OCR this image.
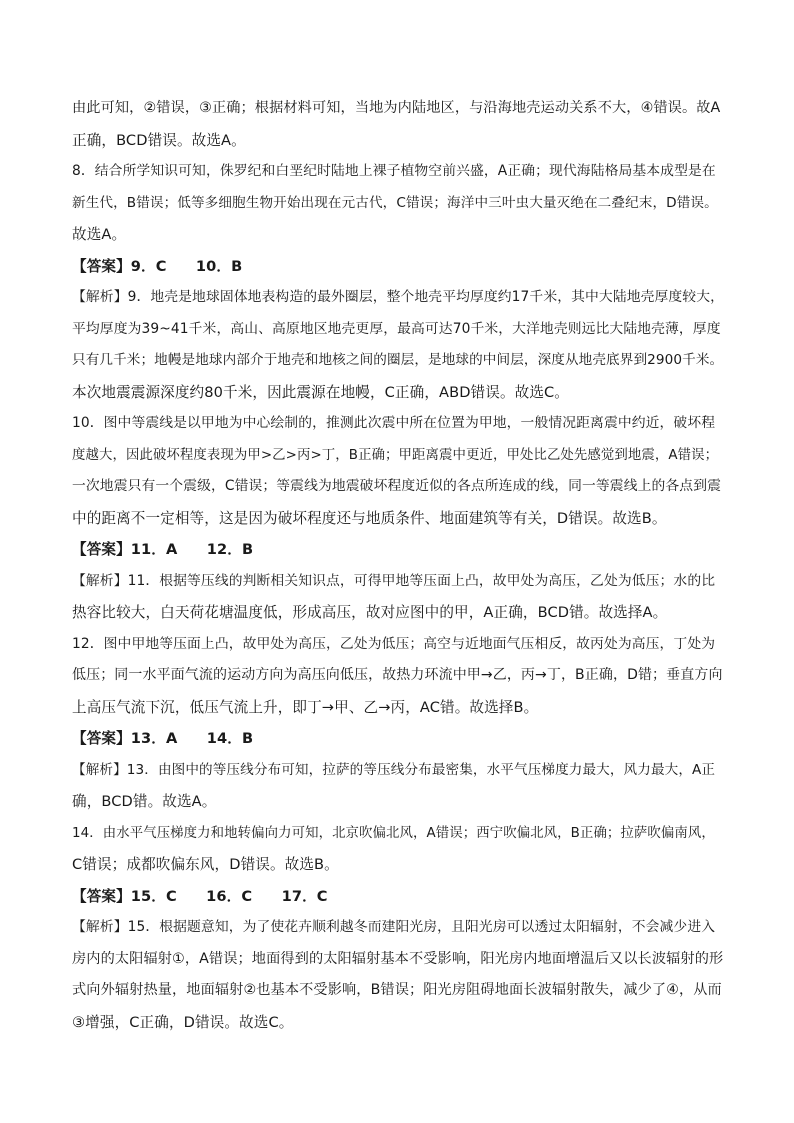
由此可知，②错误，③正确；根据材料可知，当地为内陆地区，与沿海地壳运动关系不大，④错误。故A
正确，BCD错误。故选A。
8．结合所学知识可知，侏罗纪和白垩纪时陆地上裸子植物空前兴盛，A正确；现代海陆格局基本成型是在
新生代，B错误；低等多细胞生物开始出现在元古代，C错误；海洋中三叶虫大量灭绝在二叠纪末，D错误。
故选A。
【答案】9．C　　10．B
【解析】9．地壳是地球固体地表构造的最外圈层，整个地壳平均厚度约17千米，其中大陆地壳厚度较大，
平均厚度为39~41千米，高山、高原地区地壳更厚，最高可达70千米，大洋地壳则远比大陆地壳薄，厚度
只有几千米；地幔是地球内部介于地壳和地核之间的圈层，是地球的中间层，深度从地壳底界到2900千米。
本次地震震源深度约80千米，因此震源在地幔，C正确，ABD错误。故选C。
10．图中等震线是以甲地为中心绘制的，推测此次震中所在位置为甲地，一般情况距离震中约近，破坏程
度越大，因此破坏程度表现为甲>乙>丙>丁，B正确；甲距离震中更近，甲处比乙处先感觉到地震，A错误；
一次地震只有一个震级，C错误；等震线为地震破坏程度近似的各点所连成的线，同一等震线上的各点到震
中的距离不一定相等，这是因为破坏程度还与地质条件、地面建筑等有关，D错误。故选B。
【答案】11．A　　12．B
【解析】11．根据等压线的判断相关知识点，可得甲地等压面上凸，故甲处为高压，乙处为低压；水的比
热容比较大，白天荷花塘温度低，形成高压，故对应图中的甲，A正确，BCD错。故选择A。
12．图中甲地等压面上凸，故甲处为高压，乙处为低压；高空与近地面气压相反，故丙处为高压，丁处为
低压；同一水平面气流的运动方向为高压向低压，故热力环流中甲→乙，丙→丁，B正确，D错；垂直方向
上高压气流下沉，低压气流上升，即丁→甲、乙→丙，AC错。故选择B。
【答案】13．A　　14．B
【解析】13．由图中的等压线分布可知，拉萨的等压线分布最密集，水平气压梯度力最大，风力最大，A正
确，BCD错。故选A。
14．由水平气压梯度力和地转偏向力可知，北京吹偏北风，A错误；西宁吹偏北风，B正确；拉萨吹偏南风，
C错误；成都吹偏东风，D错误。故选B。
【答案】15．C　　16．C　　17．C
【解析】15．根据题意知，为了使花卉顺利越冬而建阳光房，且阳光房可以透过太阳辐射，不会减少进入
房内的太阳辐射①，A错误；地面得到的太阳辐射基本不受影响，阳光房内地面增温后又以长波辐射的形
式向外辐射热量，地面辐射②也基本不受影响，B错误；阳光房阻碍地面长波辐射散失，减少了④，从而
③增强，C正确，D错误。故选C。
